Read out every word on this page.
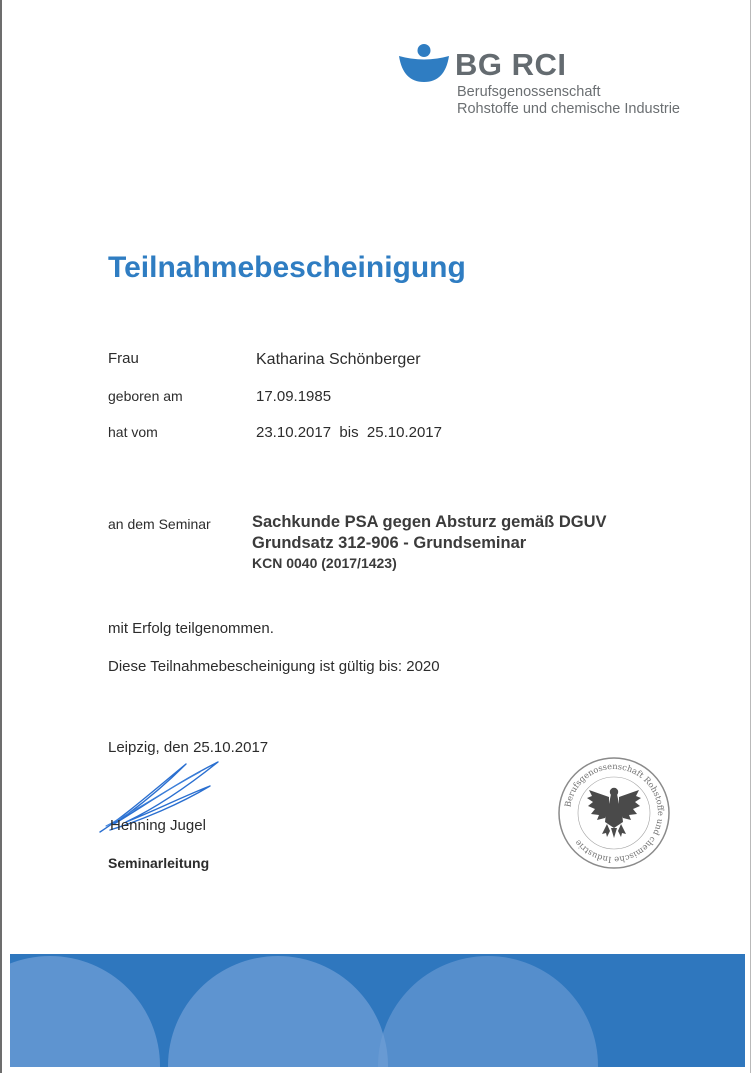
BG RCI
Berufsgenossenschaft
Rohstoffe und chemische Industrie
Teilnahmebescheinigung
Frau	Katharina Schönberger
geboren am	17.09.1985
hat vom	23.10.2017  bis  25.10.2017
an dem Seminar	Sachkunde PSA gegen Absturz gemäß DGUV
Grundsatz 312-906 - Grundseminar
KCN 0040 (2017/1423)
mit Erfolg teilgenommen.
Diese Teilnahmebescheinigung ist gültig bis: 2020
Leipzig, den 25.10.2017
Henning Jugel
Seminarleitung
Berufsgenossenschaft Rohstoffe und chemische Industrie
